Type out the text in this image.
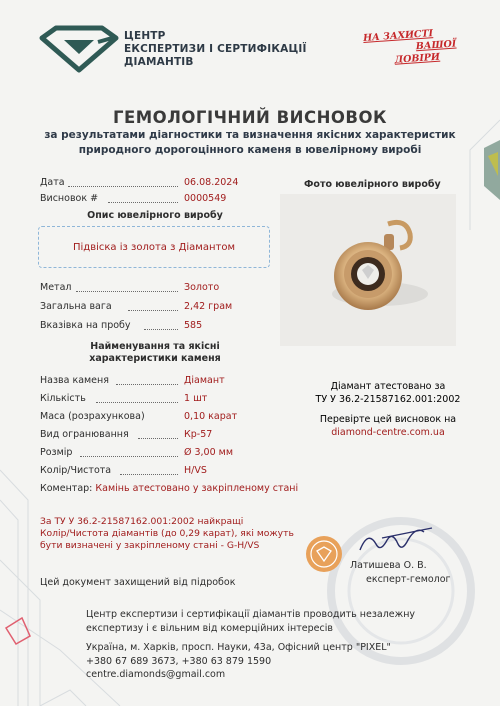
ЦЕНТР
ЕКСПЕРТИЗИ І СЕРТИФІКАЦІЇ
ДІАМАНТІВ
НА ЗАХИСТІ
ВАШОЇ
ДОВІРИ
ГЕМОЛОГІЧНИЙ ВИСНОВОК
за результатами діагностики та визначення якісних характеристик
природного дорогоцінного каменя в ювелірному виробі
Дата	06.08.2024
Висновок #	0000549
Фото ювелірного виробу
Опис ювелірного виробу
Підвіска із золота з Діамантом
Метал	Золото
Загальна вага	2,42 грам
Вказівка на пробу	585
Найменування та якісні
характеристики каменя
Назва каменя	Діамант
Кількість	1 шт
Маса (розрахункова)	0,10 карат
Вид огранювання	Кр-57
Розмір	Ø 3,00 мм
Колір/Чистота	H/VS
Коментар: Камінь атестовано у закріпленому стані
Діамант атестовано за
ТУ У 36.2-21587162.001:2002
Перевірте цей висновок на
diamond-centre.com.ua
За ТУ У 36.2-21587162.001:2002 найкращі
Колір/Чистота діамантів (до 0,29 карат), які можуть
бути визначені у закріпленому стані - G-H/VS
Латишева О. В.
експерт-гемолог
Цей документ захищений від підробок
Центр експертизи і сертифікації діамантів проводить незалежну
експертизу і є вільним від комерційних інтересів
Україна, м. Харків, просп. Науки, 43а, Офісний центр "PIXEL"
+380 67 689 3673, +380 63 879 1590
centre.diamonds@gmail.com
